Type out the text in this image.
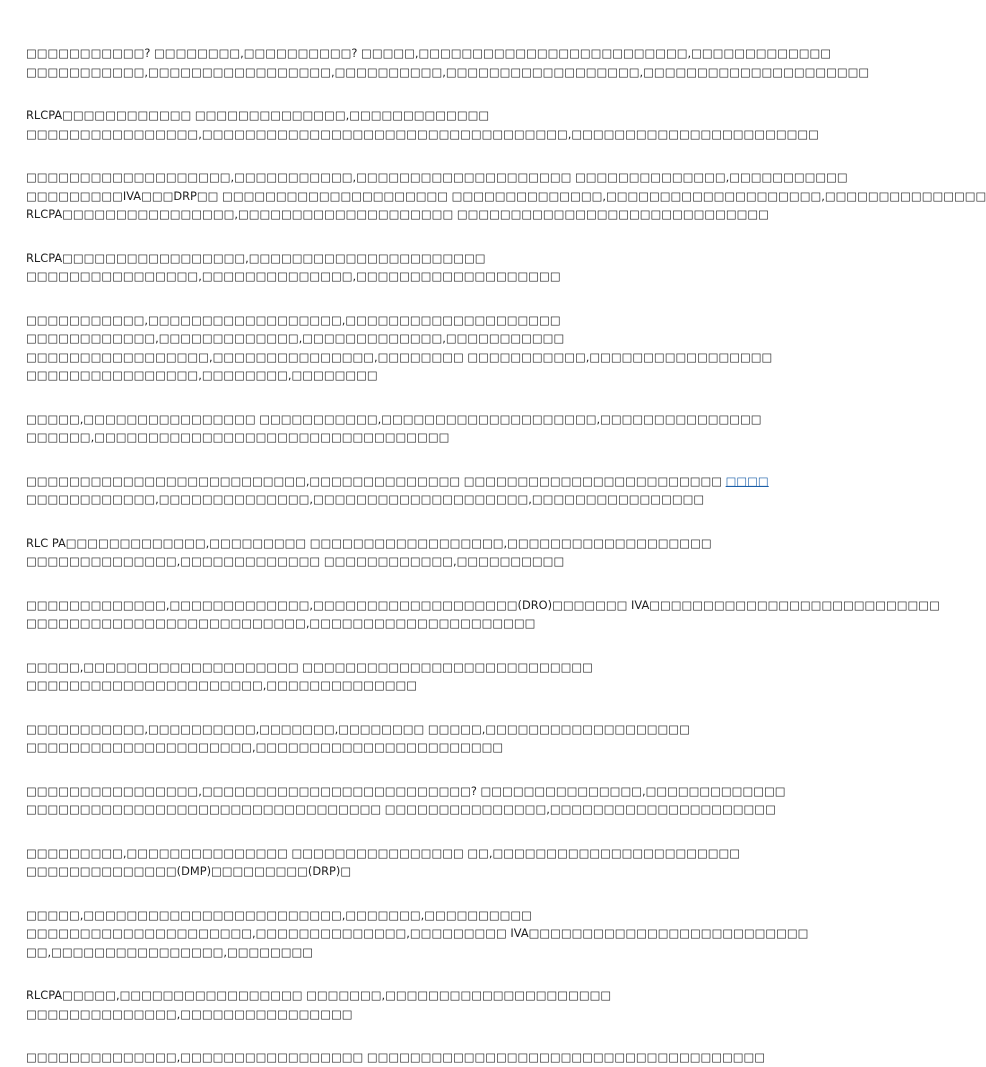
□□□□□□□□□□□? □□□□□□□□,□□□□□□□□□□? □□□□□,□□□□□□□□□□□□□□□□□□□□□□□□□,□□□□□□□□□□□□□
□□□□□□□□□□□,□□□□□□□□□□□□□□□□□,□□□□□□□□□□,□□□□□□□□□□□□□□□□□□,□□□□□□□□□□□□□□□□□□□□□
RLCPA□□□□□□□□□□□□ □□□□□□□□□□□□□□,□□□□□□□□□□□□□
□□□□□□□□□□□□□□□□,□□□□□□□□□□□□□□□□□□□□□□□□□□□□□□□□□□,□□□□□□□□□□□□□□□□□□□□□□□
□□□□□□□□□□□□□□□□□□□,□□□□□□□□□□□,□□□□□□□□□□□□□□□□□□□□ □□□□□□□□□□□□□□,□□□□□□□□□□□
□□□□□□□□□IVA□□□DRP□□ □□□□□□□□□□□□□□□□□□□□□ □□□□□□□□□□□□□□,□□□□□□□□□□□□□□□□□□□□,□□□□□□□□□□□□□□□
RLCPA□□□□□□□□□□□□□□□□,□□□□□□□□□□□□□□□□□□□□ □□□□□□□□□□□□□□□□□□□□□□□□□□□□□
RLCPA□□□□□□□□□□□□□□□□□,□□□□□□□□□□□□□□□□□□□□□□
□□□□□□□□□□□□□□□□,□□□□□□□□□□□□□□,□□□□□□□□□□□□□□□□□□□
□□□□□□□□□□□,□□□□□□□□□□□□□□□□□□,□□□□□□□□□□□□□□□□□□□□
□□□□□□□□□□□□,□□□□□□□□□□□□□,□□□□□□□□□□□□□,□□□□□□□□□□□
□□□□□□□□□□□□□□□□□,□□□□□□□□□□□□□□□,□□□□□□□□ □□□□□□□□□□□,□□□□□□□□□□□□□□□□□
□□□□□□□□□□□□□□□□,□□□□□□□□,□□□□□□□□
□□□□□,□□□□□□□□□□□□□□□□ □□□□□□□□□□□,□□□□□□□□□□□□□□□□□□□□,□□□□□□□□□□□□□□□
□□□□□□,□□□□□□□□□□□□□□□□□□□□□□□□□□□□□□□□□
□□□□□□□□□□□□□□□□□□□□□□□□□□,□□□□□□□□□□□□□□ □□□□□□□□□□□□□□□□□□□□□□□□ □□□□
□□□□□□□□□□□□,□□□□□□□□□□□□□□,□□□□□□□□□□□□□□□□□□□□,□□□□□□□□□□□□□□□□
RLC PA□□□□□□□□□□□□□,□□□□□□□□□ □□□□□□□□□□□□□□□□□□,□□□□□□□□□□□□□□□□□□□
□□□□□□□□□□□□□□,□□□□□□□□□□□□□ □□□□□□□□□□□□,□□□□□□□□□□
□□□□□□□□□□□□□,□□□□□□□□□□□□□,□□□□□□□□□□□□□□□□□□□(DRO)□□□□□□□ IVA□□□□□□□□□□□□□□□□□□□□□□□□□□□
□□□□□□□□□□□□□□□□□□□□□□□□□□,□□□□□□□□□□□□□□□□□□□□□
□□□□□,□□□□□□□□□□□□□□□□□□□□ □□□□□□□□□□□□□□□□□□□□□□□□□□□
□□□□□□□□□□□□□□□□□□□□□□,□□□□□□□□□□□□□□
□□□□□□□□□□□,□□□□□□□□□□,□□□□□□□,□□□□□□□□ □□□□□,□□□□□□□□□□□□□□□□□□□
□□□□□□□□□□□□□□□□□□□□□,□□□□□□□□□□□□□□□□□□□□□□□
□□□□□□□□□□□□□□□□,□□□□□□□□□□□□□□□□□□□□□□□□□? □□□□□□□□□□□□□□□,□□□□□□□□□□□□□
□□□□□□□□□□□□□□□□□□□□□□□□□□□□□□□□□ □□□□□□□□□□□□□□□,□□□□□□□□□□□□□□□□□□□□□
□□□□□□□□□,□□□□□□□□□□□□□□□ □□□□□□□□□□□□□□□□ □□,□□□□□□□□□□□□□□□□□□□□□□□
□□□□□□□□□□□□□□(DMP)□□□□□□□□□(DRP)□
□□□□□,□□□□□□□□□□□□□□□□□□□□□□□□,□□□□□□□,□□□□□□□□□□
□□□□□□□□□□□□□□□□□□□□□,□□□□□□□□□□□□□□,□□□□□□□□□ IVA□□□□□□□□□□□□□□□□□□□□□□□□□□
□□,□□□□□□□□□□□□□□□□,□□□□□□□□
RLCPA□□□□□,□□□□□□□□□□□□□□□□□ □□□□□□□,□□□□□□□□□□□□□□□□□□□□□
□□□□□□□□□□□□□□,□□□□□□□□□□□□□□□□
□□□□□□□□□□□□□□,□□□□□□□□□□□□□□□□□ □□□□□□□□□□□□□□□□□□□□□□□□□□□□□□□□□□□□□
